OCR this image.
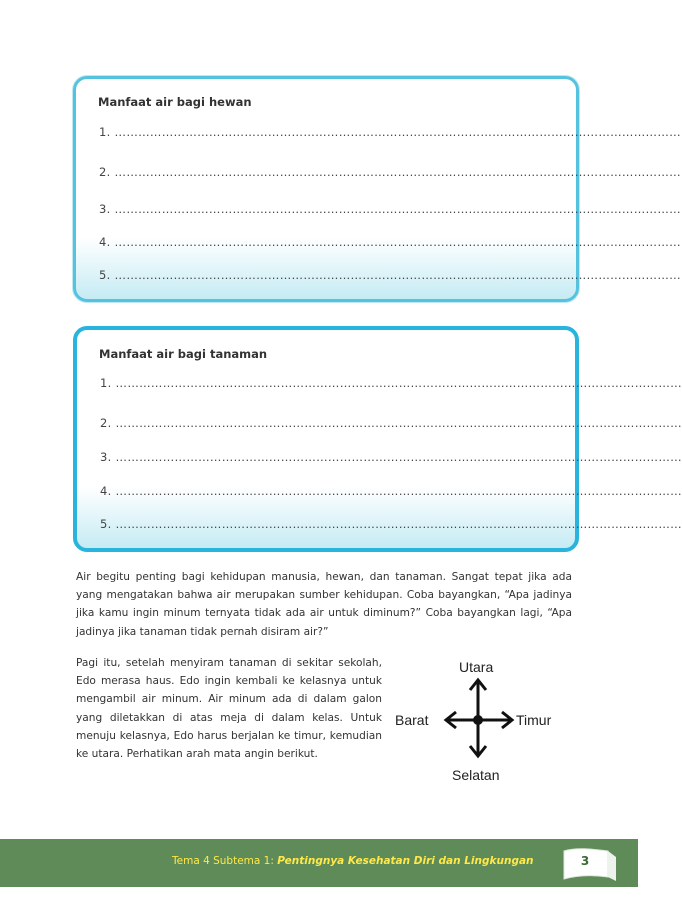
Manfaat air bagi hewan
1. ………………………………………………………………………………………………………………………………
2. ………………………………………………………………………………………………………………………………
3. ………………………………………………………………………………………………………………………………
4. ………………………………………………………………………………………………………………………………
5. ………………………………………………………………………………………………………………………………
Manfaat air bagi tanaman
1. ………………………………………………………………………………………………………………………………
2. ………………………………………………………………………………………………………………………………
3. ………………………………………………………………………………………………………………………………
4. ………………………………………………………………………………………………………………………………
5. ………………………………………………………………………………………………………………………………
Air begitu penting bagi kehidupan manusia, hewan, dan tanaman. Sangat tepat jika ada yang mengatakan bahwa air merupakan sumber kehidupan. Coba bayangkan, “Apa jadinya jika kamu ingin minum ternyata tidak ada air untuk diminum?” Coba bayangkan lagi, “Apa jadinya jika tanaman tidak pernah disiram air?”
Pagi itu, setelah menyiram tanaman di sekitar sekolah, Edo merasa haus. Edo ingin kembali ke kelasnya untuk mengambil air minum. Air minum ada di dalam galon yang diletakkan di atas meja di dalam kelas. Untuk menuju kelasnya, Edo harus berjalan ke timur, kemudian ke utara. Perhatikan arah mata angin berikut.
Utara
Selatan
Barat	Timur
Tema 4 Subtema 1: Pentingnya Kesehatan Diri dan Lingkungan	3
